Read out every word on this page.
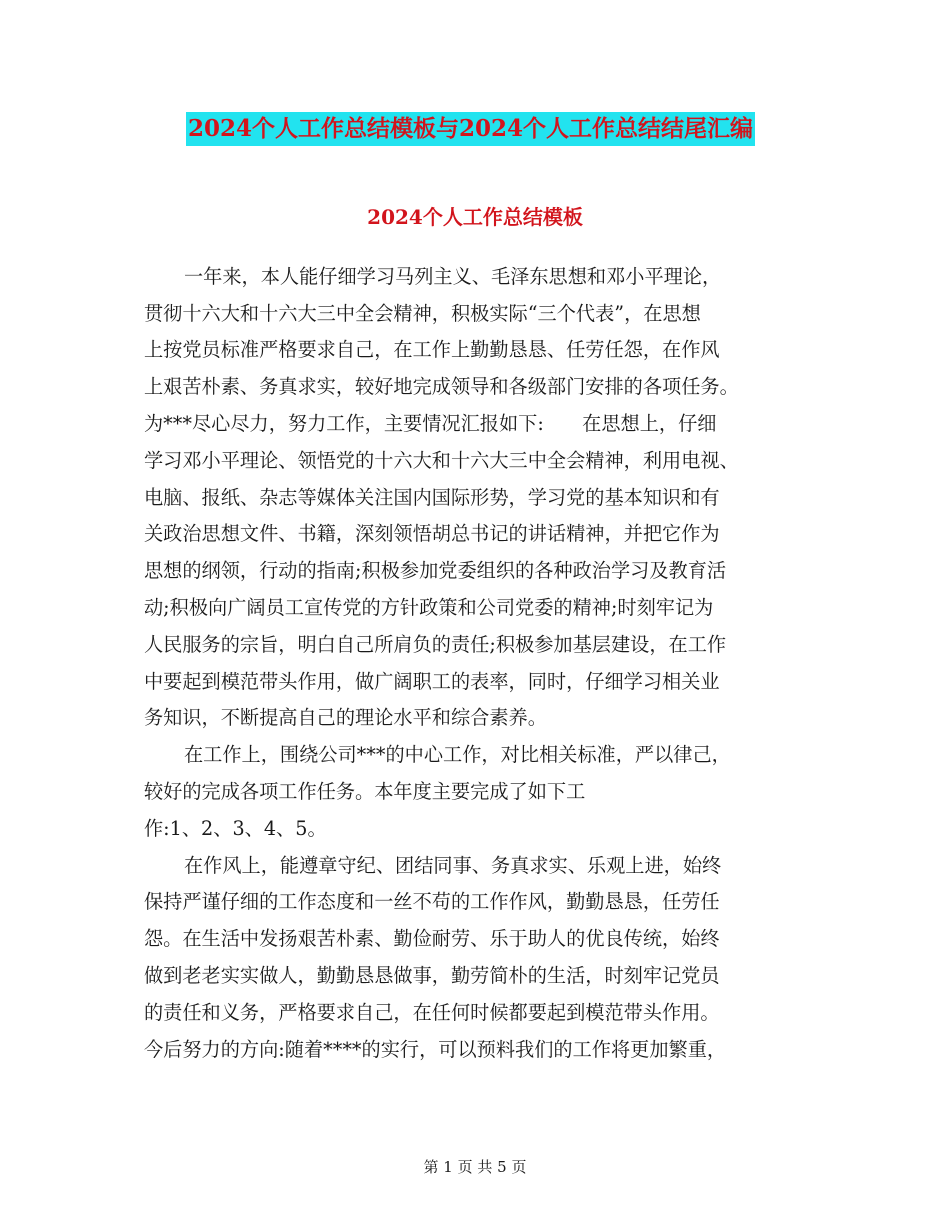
2024个人工作总结模板与2024个人工作总结结尾汇编
2024个人工作总结模板
一年来，本人能仔细学习马列主义、毛泽东思想和邓小平理论，
贯彻十六大和十六大三中全会精神，积极实际“三个代表”，在思想
上按党员标准严格要求自己，在工作上勤勤恳恳、任劳任怨，在作风
上艰苦朴素、务真求实，较好地完成领导和各级部门安排的各项任务。
为***尽心尽力，努力工作，主要情况汇报如下:　　在思想上，仔细
学习邓小平理论、领悟党的十六大和十六大三中全会精神，利用电视、
电脑、报纸、杂志等媒体关注国内国际形势，学习党的基本知识和有
关政治思想文件、书籍，深刻领悟胡总书记的讲话精神，并把它作为
思想的纲领，行动的指南;积极参加党委组织的各种政治学习及教育活
动;积极向广阔员工宣传党的方针政策和公司党委的精神;时刻牢记为
人民服务的宗旨，明白自己所肩负的责任;积极参加基层建设，在工作
中要起到模范带头作用，做广阔职工的表率，同时，仔细学习相关业
务知识，不断提高自己的理论水平和综合素养。
在工作上，围绕公司***的中心工作，对比相关标准，严以律己，
较好的完成各项工作任务。本年度主要完成了如下工
作:1、2、3、4、5。
在作风上，能遵章守纪、团结同事、务真求实、乐观上进，始终
保持严谨仔细的工作态度和一丝不苟的工作作风，勤勤恳恳，任劳任
怨。在生活中发扬艰苦朴素、勤俭耐劳、乐于助人的优良传统，始终
做到老老实实做人，勤勤恳恳做事，勤劳简朴的生活，时刻牢记党员
的责任和义务，严格要求自己，在任何时候都要起到模范带头作用。
今后努力的方向:随着****的实行，可以预料我们的工作将更加繁重，
第 1 页 共 5 页
